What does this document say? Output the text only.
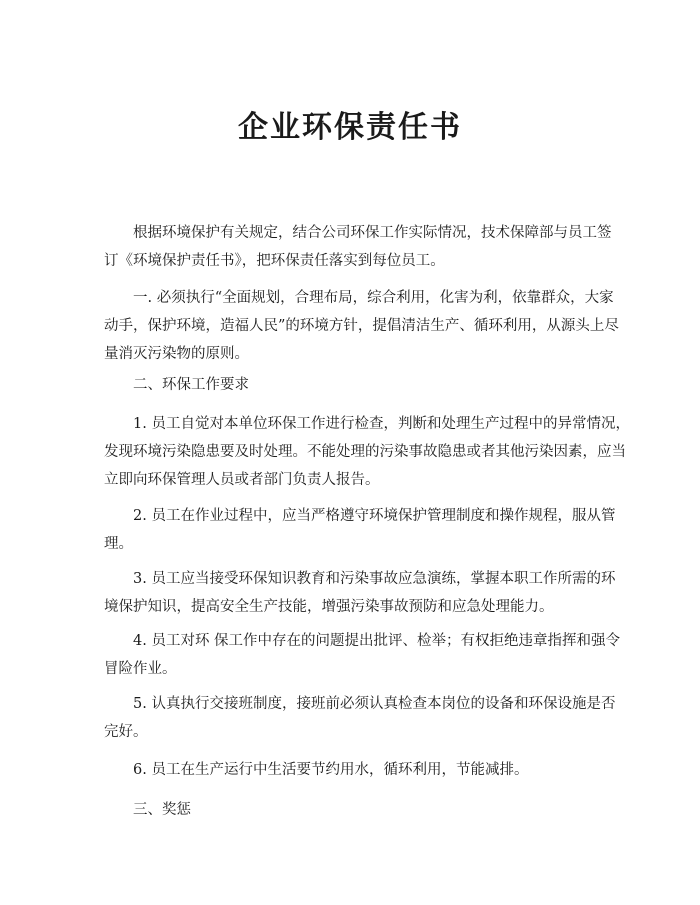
企业环保责任书
根据环境保护有关规定，结合公司环保工作实际情况，技术保障部与员工签
订《环境保护责任书》，把环保责任落实到每位员工。
一. 必须执行“全面规划，合理布局，综合利用，化害为利，依靠群众，大家
动手，保护环境，造福人民”的环境方针，提倡清洁生产、循环利用，从源头上尽
量消灭污染物的原则。
二、环保工作要求
1. 员工自觉对本单位环保工作进行检查，判断和处理生产过程中的异常情况，
发现环境污染隐患要及时处理。不能处理的污染事故隐患或者其他污染因素，应当
立即向环保管理人员或者部门负责人报告。
2. 员工在作业过程中，应当严格遵守环境保护管理制度和操作规程，服从管
理。
3. 员工应当接受环保知识教育和污染事故应急演练，掌握本职工作所需的环
境保护知识，提高安全生产技能，增强污染事故预防和应急处理能力。
4. 员工对环 保工作中存在的问题提出批评、检举；有权拒绝违章指挥和强令
冒险作业。
5. 认真执行交接班制度，接班前必须认真检查本岗位的设备和环保设施是否
完好。
6. 员工在生产运行中生活要节约用水，循环利用，节能减排。
三、奖惩
